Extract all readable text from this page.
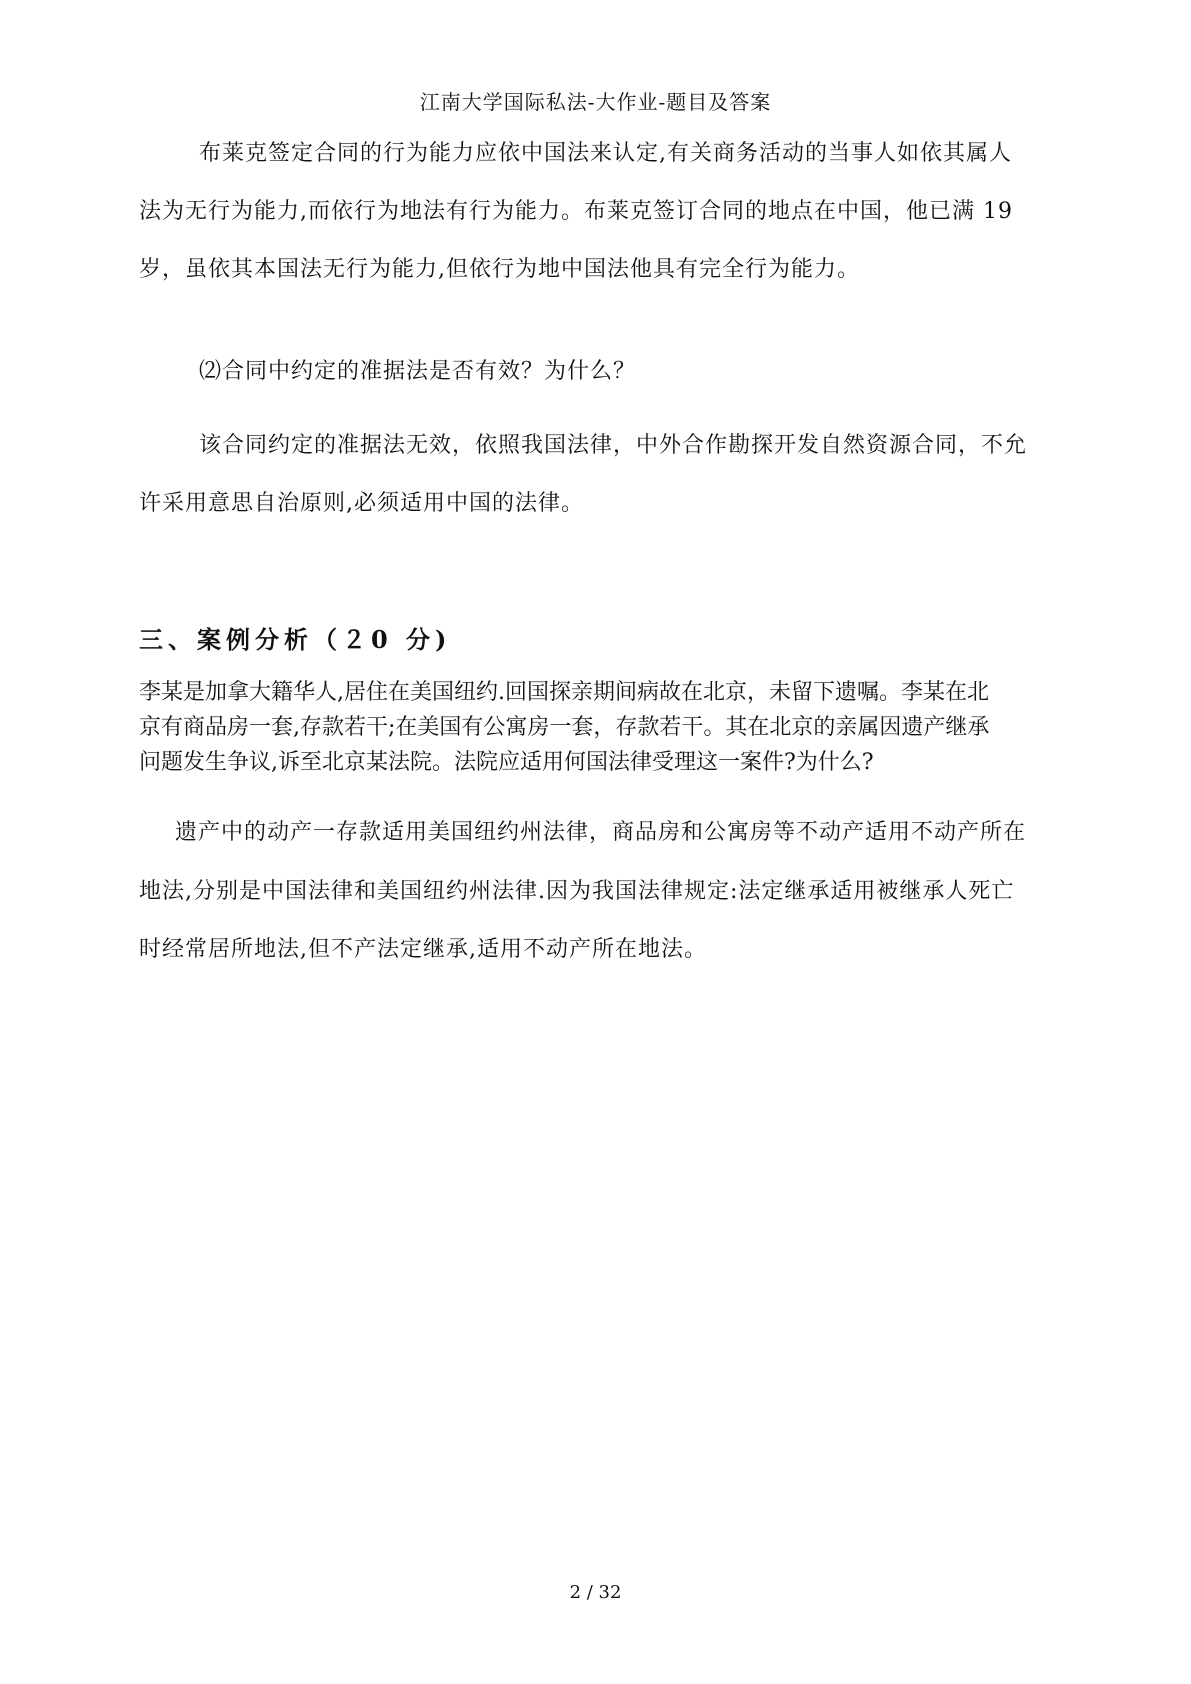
江南大学国际私法-大作业-题目及答案
布莱克签定合同的行为能力应依中国法来认定,有关商务活动的当事人如依其属人
法为无行为能力,而依行为地法有行为能力。布莱克签订合同的地点在中国，他已满 19
岁，虽依其本国法无行为能力,但依行为地中国法他具有完全行为能力。
⑵合同中约定的准据法是否有效？为什么？
该合同约定的准据法无效，依照我国法律，中外合作勘探开发自然资源合同，不允
许采用意思自治原则,必须适用中国的法律。
三、案例分析（２0 分)
李某是加拿大籍华人,居住在美国纽约.回国探亲期间病故在北京，未留下遗嘱。李某在北
京有商品房一套,存款若干;在美国有公寓房一套，存款若干。其在北京的亲属因遗产继承
问题发生争议,诉至北京某法院。法院应适用何国法律受理这一案件?为什么?
遗产中的动产一存款适用美国纽约州法律，商品房和公寓房等不动产适用不动产所在
地法,分别是中国法律和美国纽约州法律.因为我国法律规定:法定继承适用被继承人死亡
时经常居所地法,但不产法定继承,适用不动产所在地法。
2 / 32
